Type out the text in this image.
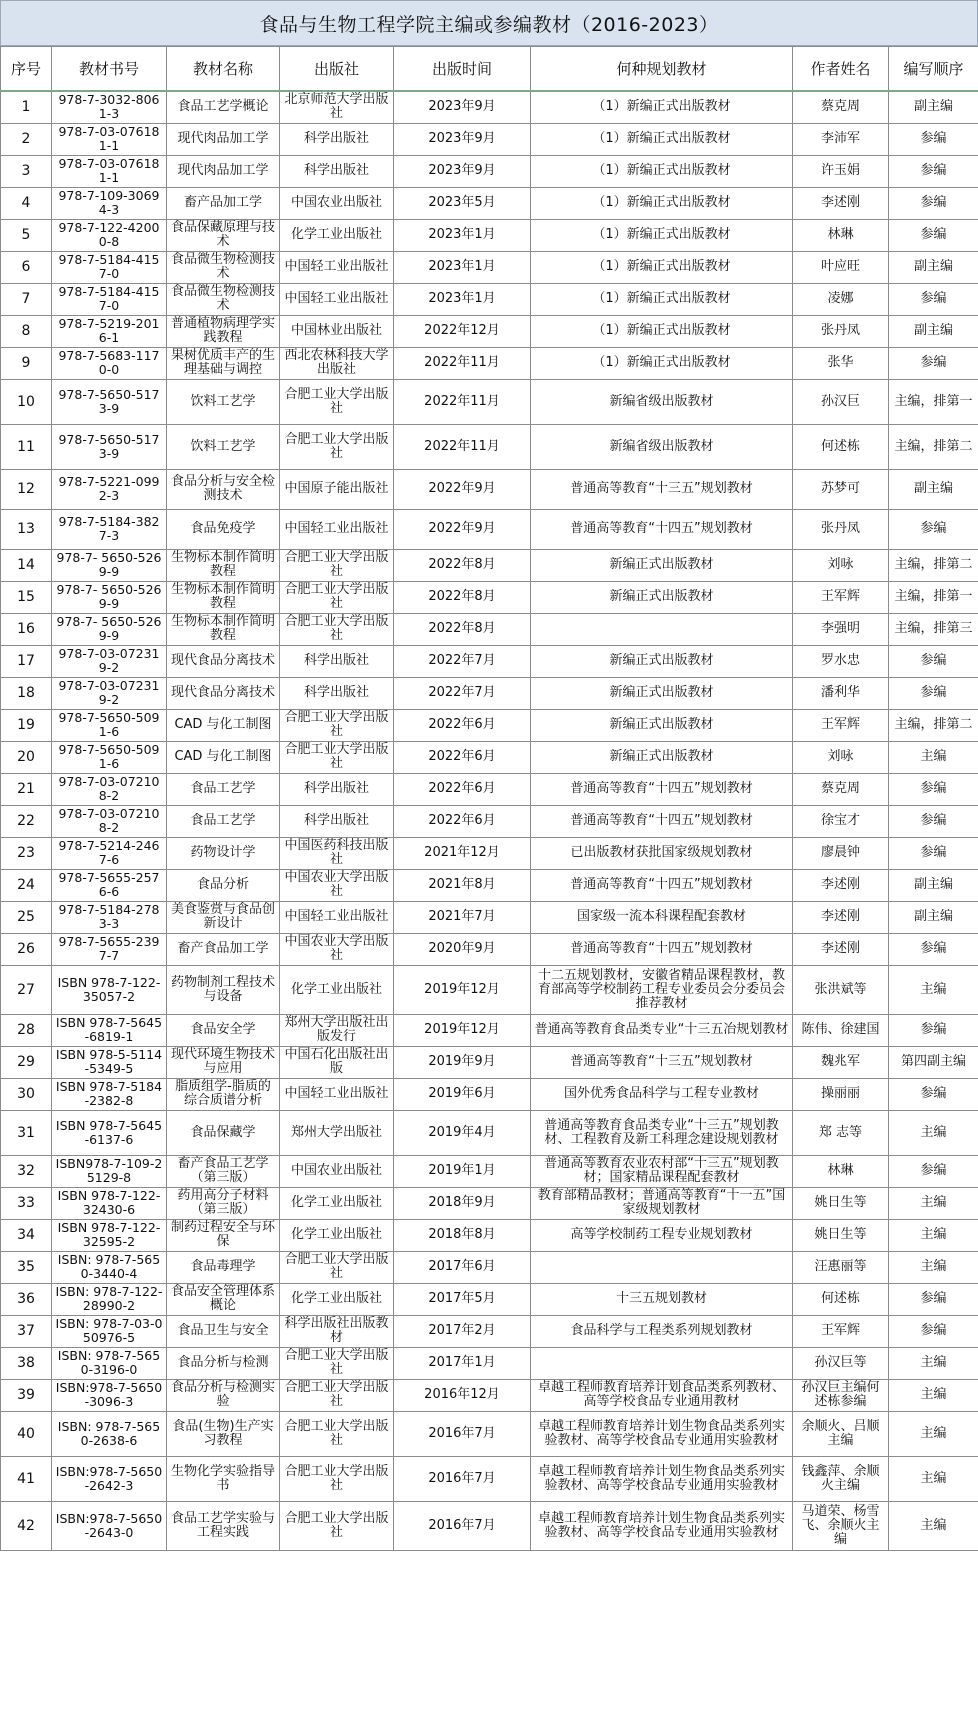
食品与生物工程学院主编或参编教材（2016-2023）
序号	教材书号	教材名称	出版社	出版时间	何种规划教材	作者姓名	编写顺序
1	978-7-3032-8061-3	食品工艺学概论	北京师范大学出版社	2023年9月	（1）新编正式出版教材	蔡克周	副主编
2	978-7-03-076181-1	现代肉品加工学	科学出版社	2023年9月	（1）新编正式出版教材	李沛军	参编
3	978-7-03-076181-1	现代肉品加工学	科学出版社	2023年9月	（1）新编正式出版教材	许玉娟	参编
4	978-7-109-30694-3	畜产品加工学	中国农业出版社	2023年5月	（1）新编正式出版教材	李述刚	参编
5	978-7-122-42000-8	食品保藏原理与技术	化学工业出版社	2023年1月	（1）新编正式出版教材	林琳	参编
6	978-7-5184-4157-0	食品微生物检测技术	中国轻工业出版社	2023年1月	（1）新编正式出版教材	叶应旺	副主编
7	978-7-5184-4157-0	食品微生物检测技术	中国轻工业出版社	2023年1月	（1）新编正式出版教材	凌娜	参编
8	978-7-5219-2016-1	普通植物病理学实践教程	中国林业出版社	2022年12月	（1）新编正式出版教材	张丹凤	副主编
9	978-7-5683-1170-0	果树优质丰产的生理基础与调控	西北农林科技大学出版社	2022年11月	（1）新编正式出版教材	张华	参编
10	978-7-5650-5173-9	饮料工艺学	合肥工业大学出版社	2022年11月	新编省级出版教材	孙汉巨	主编，排第一
11	978-7-5650-5173-9	饮料工艺学	合肥工业大学出版社	2022年11月	新编省级出版教材	何述栋	主编，排第二
12	978-7-5221-0992-3	食品分析与安全检测技术	中国原子能出版社	2022年9月	普通高等教育“十三五”规划教材	苏梦可	副主编
13	978-7-5184-3827-3	食品免疫学	中国轻工业出版社	2022年9月	普通高等教育“十四五”规划教材	张丹凤	参编
14	978-7- 5650-5269-9	生物标本制作简明教程	合肥工业大学出版社	2022年8月	新编正式出版教材	刘咏	主编，排第二
15	978-7- 5650-5269-9	生物标本制作简明教程	合肥工业大学出版社	2022年8月	新编正式出版教材	王军辉	主编，排第一
16	978-7- 5650-5269-9	生物标本制作简明教程	合肥工业大学出版社	2022年8月		李强明	主编，排第三
17	978-7-03-072319-2	现代食品分离技术	科学出版社	2022年7月	新编正式出版教材	罗水忠	参编
18	978-7-03-072319-2	现代食品分离技术	科学出版社	2022年7月	新编正式出版教材	潘利华	参编
19	978-7-5650-5091-6	CAD 与化工制图	合肥工业大学出版社	2022年6月	新编正式出版教材	王军辉	主编，排第二
20	978-7-5650-5091-6	CAD 与化工制图	合肥工业大学出版社	2022年6月	新编正式出版教材	刘咏	主编
21	978-7-03-072108-2	食品工艺学	科学出版社	2022年6月	普通高等教育“十四五”规划教材	蔡克周	参编
22	978-7-03-072108-2	食品工艺学	科学出版社	2022年6月	普通高等教育“十四五”规划教材	徐宝才	参编
23	978-7-5214-2467-6	药物设计学	中国医药科技出版社	2021年12月	已出版教材获批国家级规划教材	廖晨钟	参编
24	978-7-5655-2576-6	食品分析	中国农业大学出版社	2021年8月	普通高等教育“十四五”规划教材	李述刚	副主编
25	978-7-5184-2783-3	美食鉴赏与食品创新设计	中国轻工业出版社	2021年7月	国家级一流本科课程配套教材	李述刚	副主编
26	978-7-5655-2397-7	畜产食品加工学	中国农业大学出版社	2020年9月	普通高等教育“十四五”规划教材	李述刚	参编
27	ISBN 978-7-122-35057-2	药物制剂工程技术与设备	化学工业出版社	2019年12月	十二五规划教材，安徽省精品课程教材，教育部高等学校制药工程专业委员会分委员会推荐教材	张洪斌等	主编
28	ISBN 978-7-5645-6819-1	食品安全学	郑州大学出版社出版发行	2019年12月	普通高等教育食品类专业“十三五冶规划教材	陈伟、徐建国	参编
29	ISBN 978-5-5114-5349-5	现代环境生物技术与应用	中国石化出版社出版	2019年9月	普通高等教育“十三五”规划教材	魏兆军	第四副主编
30	ISBN 978-7-5184-2382-8	脂质组学-脂质的综合质谱分析	中国轻工业出版社	2019年6月	国外优秀食品科学与工程专业教材	操丽丽	参编
31	ISBN 978-7-5645-6137-6	食品保藏学	郑州大学出版社	2019年4月	普通高等教育食品类专业“十三五”规划教材、工程教育及新工科理念建设规划教材	郑 志等	主编
32	ISBN978-7-109-25129-8	畜产食品工艺学（第三版）	中国农业出版社	2019年1月	普通高等教育农业农村部“十三五”规划教材；国家精品课程配套教材	林琳	参编
33	ISBN 978-7-122-32430-6	药用高分子材料（第三版）	化学工业出版社	2018年9月	教育部精品教材；普通高等教育“十一五”国家级规划教材	姚日生等	主编
34	ISBN 978-7-122-32595-2	制药过程安全与环保	化学工业出版社	2018年8月	高等学校制药工程专业规划教材	姚日生等	主编
35	ISBN: 978-7-5650-3440-4	食品毒理学	合肥工业大学出版社	2017年6月		汪惠丽等	主编
36	ISBN: 978-7-122-28990-2	食品安全管理体系概论	化学工业出版社	2017年5月	十三五规划教材	何述栋	参编
37	ISBN: 978-7-03-050976-5	食品卫生与安全	科学出版社出版教材	2017年2月	食品科学与工程类系列规划教材	王军辉	参编
38	ISBN: 978-7-5650-3196-0	食品分析与检测	合肥工业大学出版社	2017年1月		孙汉巨等	主编
39	ISBN:978-7-5650-3096-3	食品分析与检测实验	合肥工业大学出版社	2016年12月	卓越工程师教育培养计划食品类系列教材、高等学校食品专业通用教材	孙汉巨主编何述栋参编	主编
40	ISBN: 978-7-5650-2638-6	食品(生物)生产实习教程	合肥工业大学出版社	2016年7月	卓越工程师教育培养计划生物食品类系列实验教材、高等学校食品专业通用实验教材	余顺火、吕顺主编	主编
41	ISBN:978-7-5650-2642-3	生物化学实验指导书	合肥工业大学出版社	2016年7月	卓越工程师教育培养计划生物食品类系列实验教材、高等学校食品专业通用实验教材	钱鑫萍、余顺火主编	主编
42	ISBN:978-7-5650-2643-0	食品工艺学实验与工程实践	合肥工业大学出版社	2016年7月	卓越工程师教育培养计划生物食品类系列实验教材、高等学校食品专业通用实验教材	马道荣、杨雪飞、余顺火主编	主编
